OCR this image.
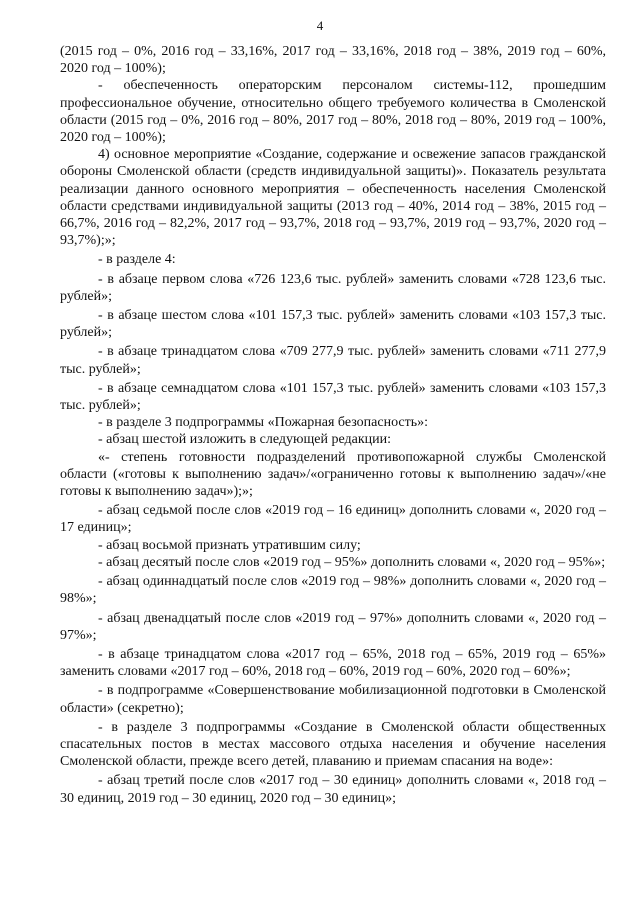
4

(2015 год – 0%, 2016 год – 33,16%, 2017 год – 33,16%, 2018 год – 38%, 2019 год – 60%, 2020 год – 100%);

- обеспеченность операторским персоналом системы-112, прошедшим профессиональное обучение, относительно общего требуемого количества в Смоленской области (2015 год – 0%, 2016 год – 80%, 2017 год – 80%, 2018 год – 80%, 2019 год – 100%, 2020 год – 100%);

4) основное мероприятие «Создание, содержание и освежение запасов гражданской обороны Смоленской области (средств индивидуальной защиты)». Показатель результата реализации данного основного мероприятия – обеспеченность населения Смоленской области средствами индивидуальной защиты (2013 год – 40%, 2014 год – 38%, 2015 год – 66,7%, 2016 год – 82,2%, 2017 год – 93,7%, 2018 год – 93,7%, 2019 год – 93,7%, 2020 год – 93,7%);»;

- в разделе 4:

- в абзаце первом слова «726 123,6 тыс. рублей» заменить словами «728 123,6 тыс. рублей»;

- в абзаце шестом слова «101 157,3 тыс. рублей» заменить словами «103 157,3 тыс. рублей»;

- в абзаце тринадцатом слова «709 277,9 тыс. рублей» заменить словами «711 277,9 тыс. рублей»;

- в абзаце семнадцатом слова «101 157,3 тыс. рублей» заменить словами «103 157,3 тыс. рублей»;

- в разделе 3 подпрограммы «Пожарная безопасность»:

- абзац шестой изложить в следующей редакции:

«- степень готовности подразделений противопожарной службы Смоленской области («готовы к выполнению задач»/«ограниченно готовы к выполнению задач»/«не готовы к выполнению задач»);»;

- абзац седьмой после слов «2019 год – 16 единиц» дополнить словами «, 2020 год – 17 единиц»;

- абзац восьмой признать утратившим силу;

- абзац десятый после слов «2019 год – 95%» дополнить словами «, 2020 год – 95%»;

- абзац одиннадцатый после слов «2019 год – 98%» дополнить словами «, 2020 год – 98%»;

- абзац двенадцатый после слов «2019 год – 97%» дополнить словами «, 2020 год – 97%»;

- в абзаце тринадцатом слова «2017 год – 65%, 2018 год – 65%, 2019 год – 65%» заменить словами «2017 год – 60%, 2018 год – 60%, 2019 год – 60%, 2020 год – 60%»;

- в подпрограмме «Совершенствование мобилизационной подготовки в Смоленской области» (секретно);

- в разделе 3 подпрограммы «Создание в Смоленской области общественных спасательных постов в местах массового отдыха населения и обучение населения Смоленской области, прежде всего детей, плаванию и приемам спасания на воде»:

- абзац третий после слов «2017 год – 30 единиц» дополнить словами «, 2018 год – 30 единиц, 2019 год – 30 единиц, 2020 год – 30 единиц»;
